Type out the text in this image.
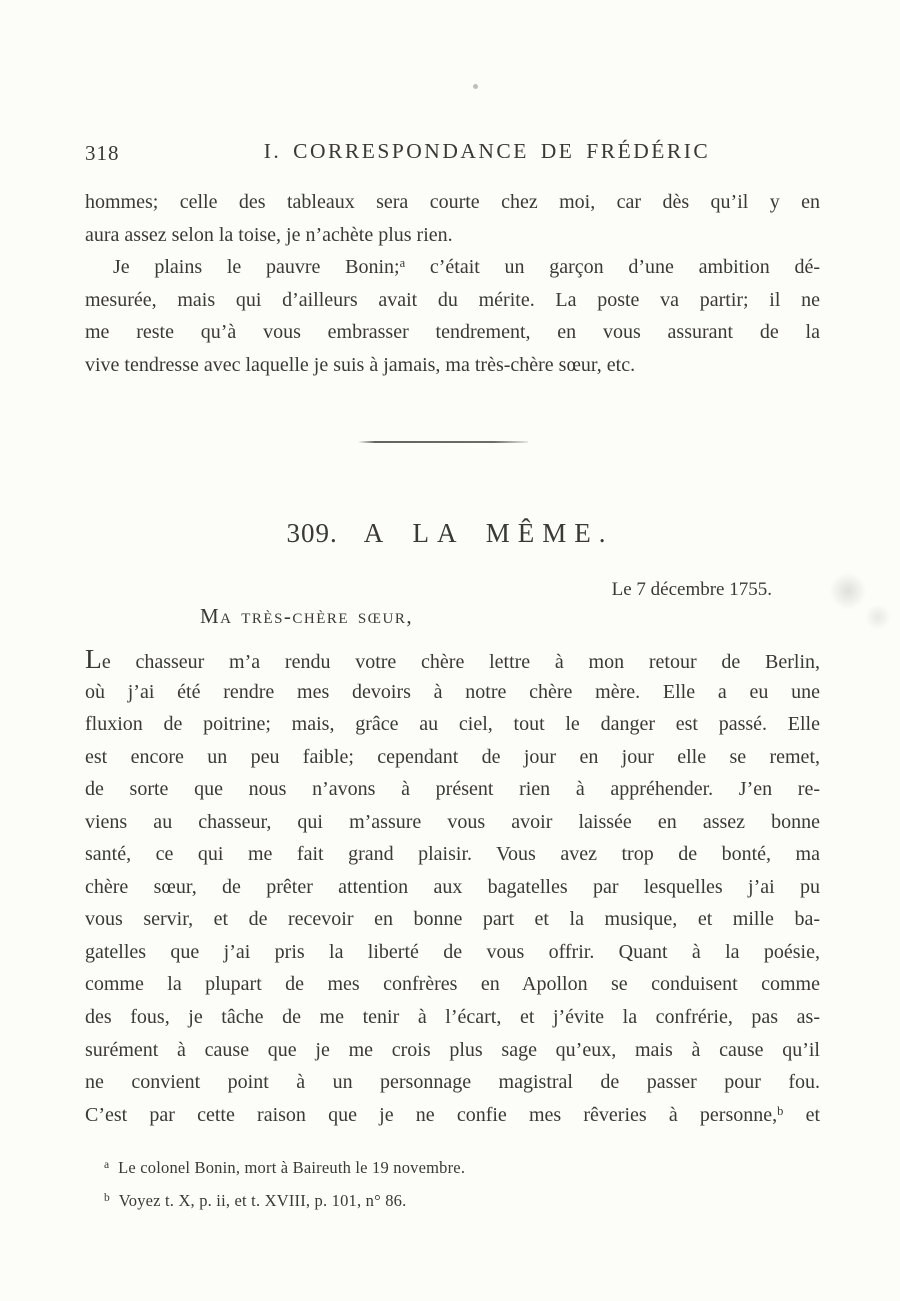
318	I. CORRESPONDANCE DE FRÉDÉRIC
hommes; celle des tableaux sera courte chez moi, car dès qu’il y en
aura assez selon la toise, je n’achète plus rien.
Je plains le pauvre Bonin;$^a$ c’était un garçon d’une ambition dé-
mesurée, mais qui d’ailleurs avait du mérite. La poste va partir; il ne
me reste qu’à vous embrasser tendrement, en vous assurant de la
vive tendresse avec laquelle je suis à jamais, ma très-chère sœur, etc.
309. A LA MÊME.
Le 7 décembre 1755.
Ma très-chère sœur,
Le chasseur m’a rendu votre chère lettre à mon retour de Berlin,
où j’ai été rendre mes devoirs à notre chère mère. Elle a eu une
fluxion de poitrine; mais, grâce au ciel, tout le danger est passé. Elle
est encore un peu faible; cependant de jour en jour elle se remet,
de sorte que nous n’avons à présent rien à appréhender. J’en re-
viens au chasseur, qui m’assure vous avoir laissée en assez bonne
santé, ce qui me fait grand plaisir. Vous avez trop de bonté, ma
chère sœur, de prêter attention aux bagatelles par lesquelles j’ai pu
vous servir, et de recevoir en bonne part et la musique, et mille ba-
gatelles que j’ai pris la liberté de vous offrir. Quant à la poésie,
comme la plupart de mes confrères en Apollon se conduisent comme
des fous, je tâche de me tenir à l’écart, et j’évite la confrérie, pas as-
surément à cause que je me crois plus sage qu’eux, mais à cause qu’il
ne convient point à un personnage magistral de passer pour fou.
C’est par cette raison que je ne confie mes rêveries à personne,$^b$ et
$^a$ Le colonel Bonin, mort à Baireuth le 19 novembre.
$^b$ Voyez t. X, p. ii, et t. XVIII, p. 101, n° 86.
